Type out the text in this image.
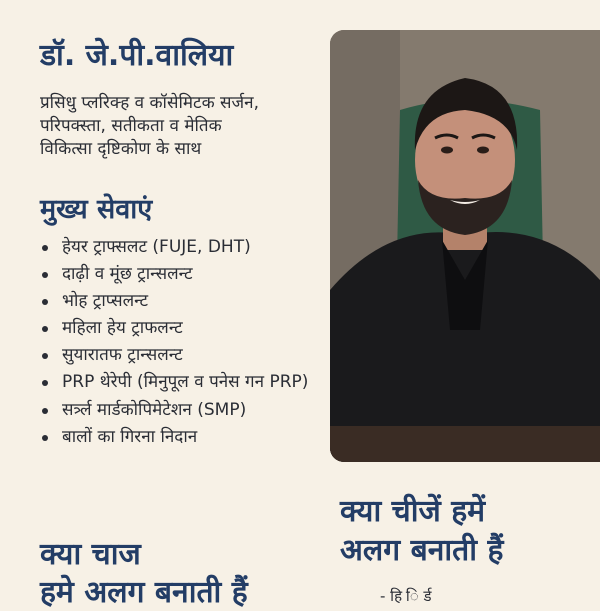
डॉ. जे.पी.वालिया

प्रसिधु प्लरिक्ह व कॉसेमिटक सर्जन,
परिपक्स्ता, सतीकता व मेतिक
विकित्सा दृष्टिकोण के साथ

मुख्य सेवाएं
हेयर ट्राफ्सलट (FUJE, DHT)
दाढ़ी व मूंछ ट्रान्सलन्ट
भोह ट्राप्सलन्ट
महिला हेय ट्राफलन्ट
सुयारातफ ट्रान्सलन्ट
PRP थेरेपी (मिनुपूल व पनेस गन PRP)
सर्त्र्ल मार्डकोपिमेटेशन (SMP)
बालों का गिरना निदान
क्या चीजें हमें
अलग बनाती हैं
- हि ि र्ड
क्या चाज
हमे अलग बनाती हैं
